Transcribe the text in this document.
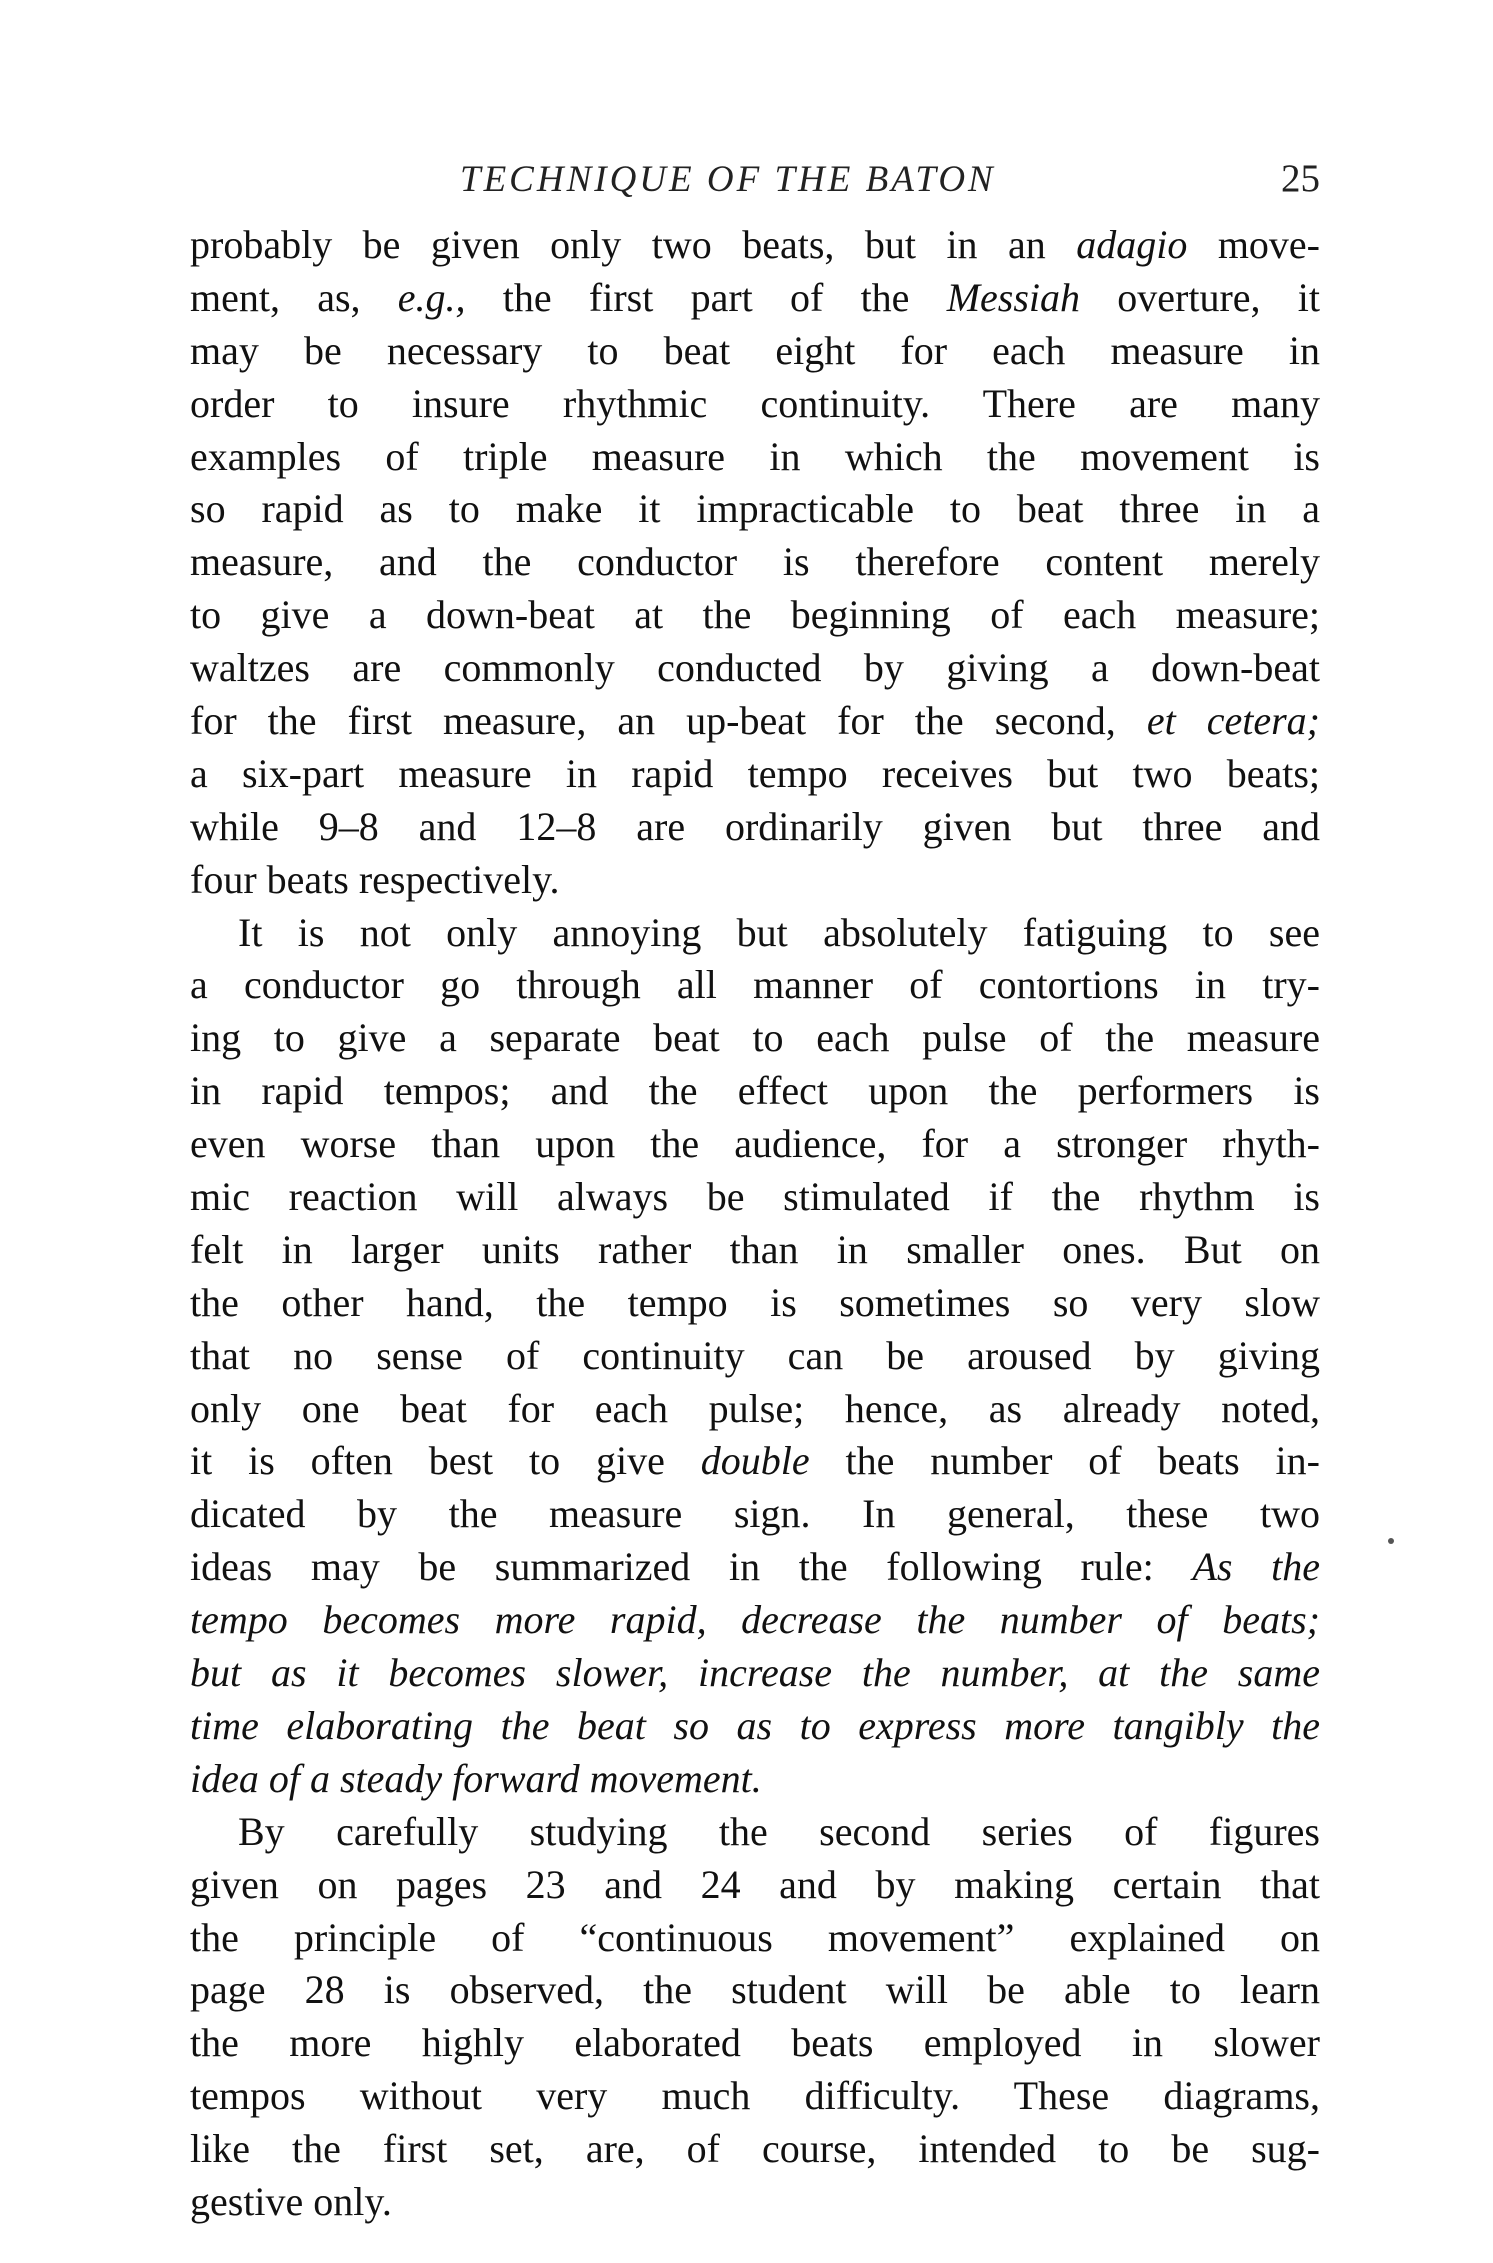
TECHNIQUE OF THE BATON	25
probably be given only two beats, but in an adagio move-
ment, as, e.g., the first part of the Messiah overture, it
may be necessary to beat eight for each measure in
order to insure rhythmic continuity. There are many
examples of triple measure in which the movement is
so rapid as to make it impracticable to beat three in a
measure, and the conductor is therefore content merely
to give a down-beat at the beginning of each measure;
waltzes are commonly conducted by giving a down-beat
for the first measure, an up-beat for the second, et cetera;
a six-part measure in rapid tempo receives but two beats;
while 9–8 and 12–8 are ordinarily given but three and
four beats respectively.
It is not only annoying but absolutely fatiguing to see
a conductor go through all manner of contortions in try-
ing to give a separate beat to each pulse of the measure
in rapid tempos; and the effect upon the performers is
even worse than upon the audience, for a stronger rhyth-
mic reaction will always be stimulated if the rhythm is
felt in larger units rather than in smaller ones. But on
the other hand, the tempo is sometimes so very slow
that no sense of continuity can be aroused by giving
only one beat for each pulse; hence, as already noted,
it is often best to give double the number of beats in-
dicated by the measure sign. In general, these two
ideas may be summarized in the following rule: As the
tempo becomes more rapid, decrease the number of beats;
but as it becomes slower, increase the number, at the same
time elaborating the beat so as to express more tangibly the
idea of a steady forward movement.
By carefully studying the second series of figures
given on pages 23 and 24 and by making certain that
the principle of “continuous movement” explained on
page 28 is observed, the student will be able to learn
the more highly elaborated beats employed in slower
tempos without very much difficulty. These diagrams,
like the first set, are, of course, intended to be sug-
gestive only.
